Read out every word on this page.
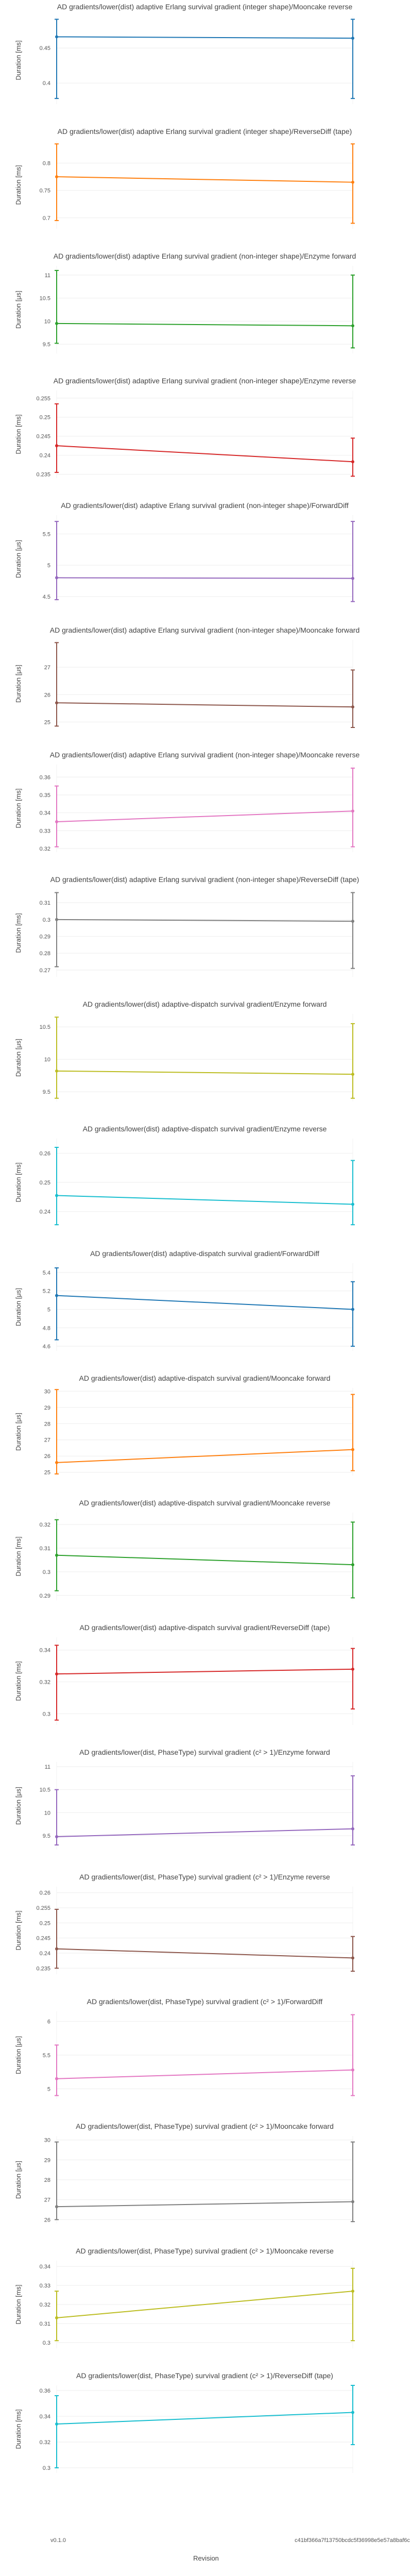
AD gradients/lower(dist) adaptive Erlang survival gradient (integer shape)/Mooncake reverse
Duration [ms]
0.4
0.45
AD gradients/lower(dist) adaptive Erlang survival gradient (integer shape)/ReverseDiff (tape)
Duration [ms]
0.7
0.75
0.8
AD gradients/lower(dist) adaptive Erlang survival gradient (non-integer shape)/Enzyme forward
Duration [μs]
9.5
10
10.5
11
AD gradients/lower(dist) adaptive Erlang survival gradient (non-integer shape)/Enzyme reverse
Duration [ms]
0.235
0.24
0.245
0.25
0.255
AD gradients/lower(dist) adaptive Erlang survival gradient (non-integer shape)/ForwardDiff
Duration [μs]
4.5
5
5.5
AD gradients/lower(dist) adaptive Erlang survival gradient (non-integer shape)/Mooncake forward
Duration [μs]
25
26
27
AD gradients/lower(dist) adaptive Erlang survival gradient (non-integer shape)/Mooncake reverse
Duration [ms]
0.32
0.33
0.34
0.35
0.36
AD gradients/lower(dist) adaptive Erlang survival gradient (non-integer shape)/ReverseDiff (tape)
Duration [ms]
0.27
0.28
0.29
0.3
0.31
AD gradients/lower(dist) adaptive-dispatch survival gradient/Enzyme forward
Duration [μs]
9.5
10
10.5
AD gradients/lower(dist) adaptive-dispatch survival gradient/Enzyme reverse
Duration [ms]
0.24
0.25
0.26
AD gradients/lower(dist) adaptive-dispatch survival gradient/ForwardDiff
Duration [μs]
4.6
4.8
5
5.2
5.4
AD gradients/lower(dist) adaptive-dispatch survival gradient/Mooncake forward
Duration [μs]
25
26
27
28
29
30
AD gradients/lower(dist) adaptive-dispatch survival gradient/Mooncake reverse
Duration [ms]
0.29
0.3
0.31
0.32
AD gradients/lower(dist) adaptive-dispatch survival gradient/ReverseDiff (tape)
Duration [ms]
0.3
0.32
0.34
AD gradients/lower(dist, PhaseType) survival gradient (c² > 1)/Enzyme forward
Duration [μs]
9.5
10
10.5
11
AD gradients/lower(dist, PhaseType) survival gradient (c² > 1)/Enzyme reverse
Duration [ms]
0.235
0.24
0.245
0.25
0.255
0.26
AD gradients/lower(dist, PhaseType) survival gradient (c² > 1)/ForwardDiff
Duration [μs]
5
5.5
6
AD gradients/lower(dist, PhaseType) survival gradient (c² > 1)/Mooncake forward
Duration [μs]
26
27
28
29
30
AD gradients/lower(dist, PhaseType) survival gradient (c² > 1)/Mooncake reverse
Duration [ms]
0.3
0.31
0.32
0.33
0.34
AD gradients/lower(dist, PhaseType) survival gradient (c² > 1)/ReverseDiff (tape)
Duration [ms]
0.3
0.32
0.34
0.36
v0.1.0	c41bf366a7f13750bcdc5f36998e5e57a8baf6c
Revision
